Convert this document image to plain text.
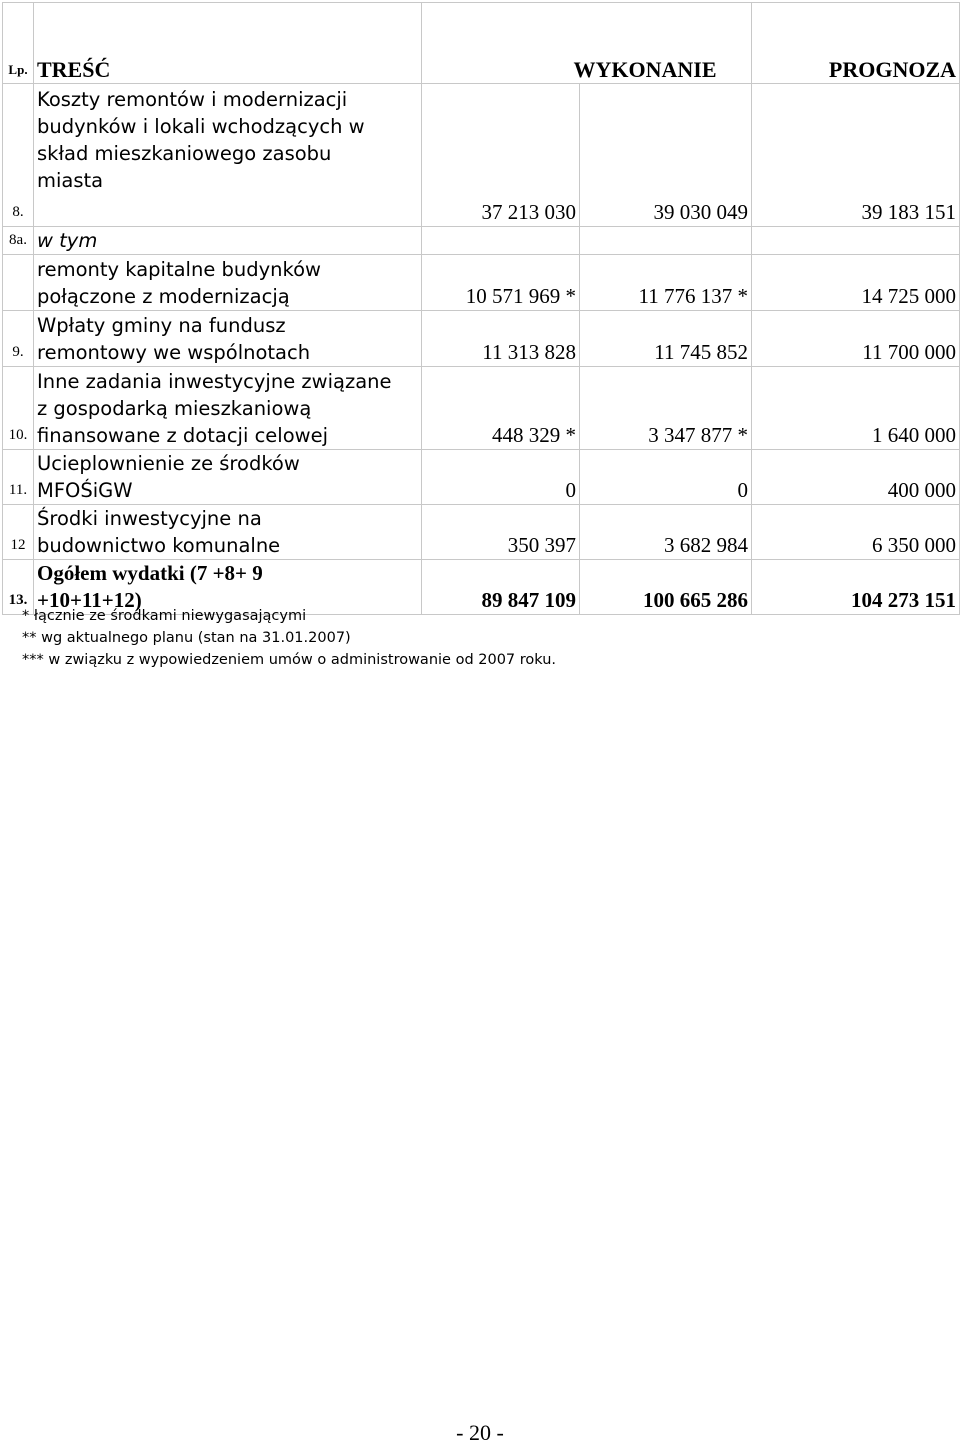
Lp.	TREŚĆ	WYKONANIE		PROGNOZA
8.	Koszty remontów i modernizacji
budynków i lokali wchodzących w
skład mieszkaniowego zasobu
miasta	37 213 030	39 030 049	39 183 151
8a.	w tym			

	remonty kapitalne budynków
połączone z modernizacją	10 571 969 *	11 776 137 *	14 725 000
9.	Wpłaty gminy na fundusz
remontowy we wspólnotach	11 313 828	11 745 852	11 700 000
10.	Inne zadania inwestycyjne związane
z gospodarką mieszkaniową
finansowane z dotacji celowej	448 329 *	3 347 877 *	1 640 000
11.	Ucieplownienie ze środków
MFOŚiGW	0	0	400 000
12	Środki inwestycyjne na
budownictwo komunalne	350 397	3 682 984	6 350 000
13.	Ogółem wydatki (7 +8+ 9
+10+11+12)	89 847 109	100 665 286	104 273 151
* łącznie ze środkami niewygasającymi
** wg aktualnego planu (stan na 31.01.2007)
*** w związku z wypowiedzeniem umów o administrowanie od 2007 roku.
- 20 -
